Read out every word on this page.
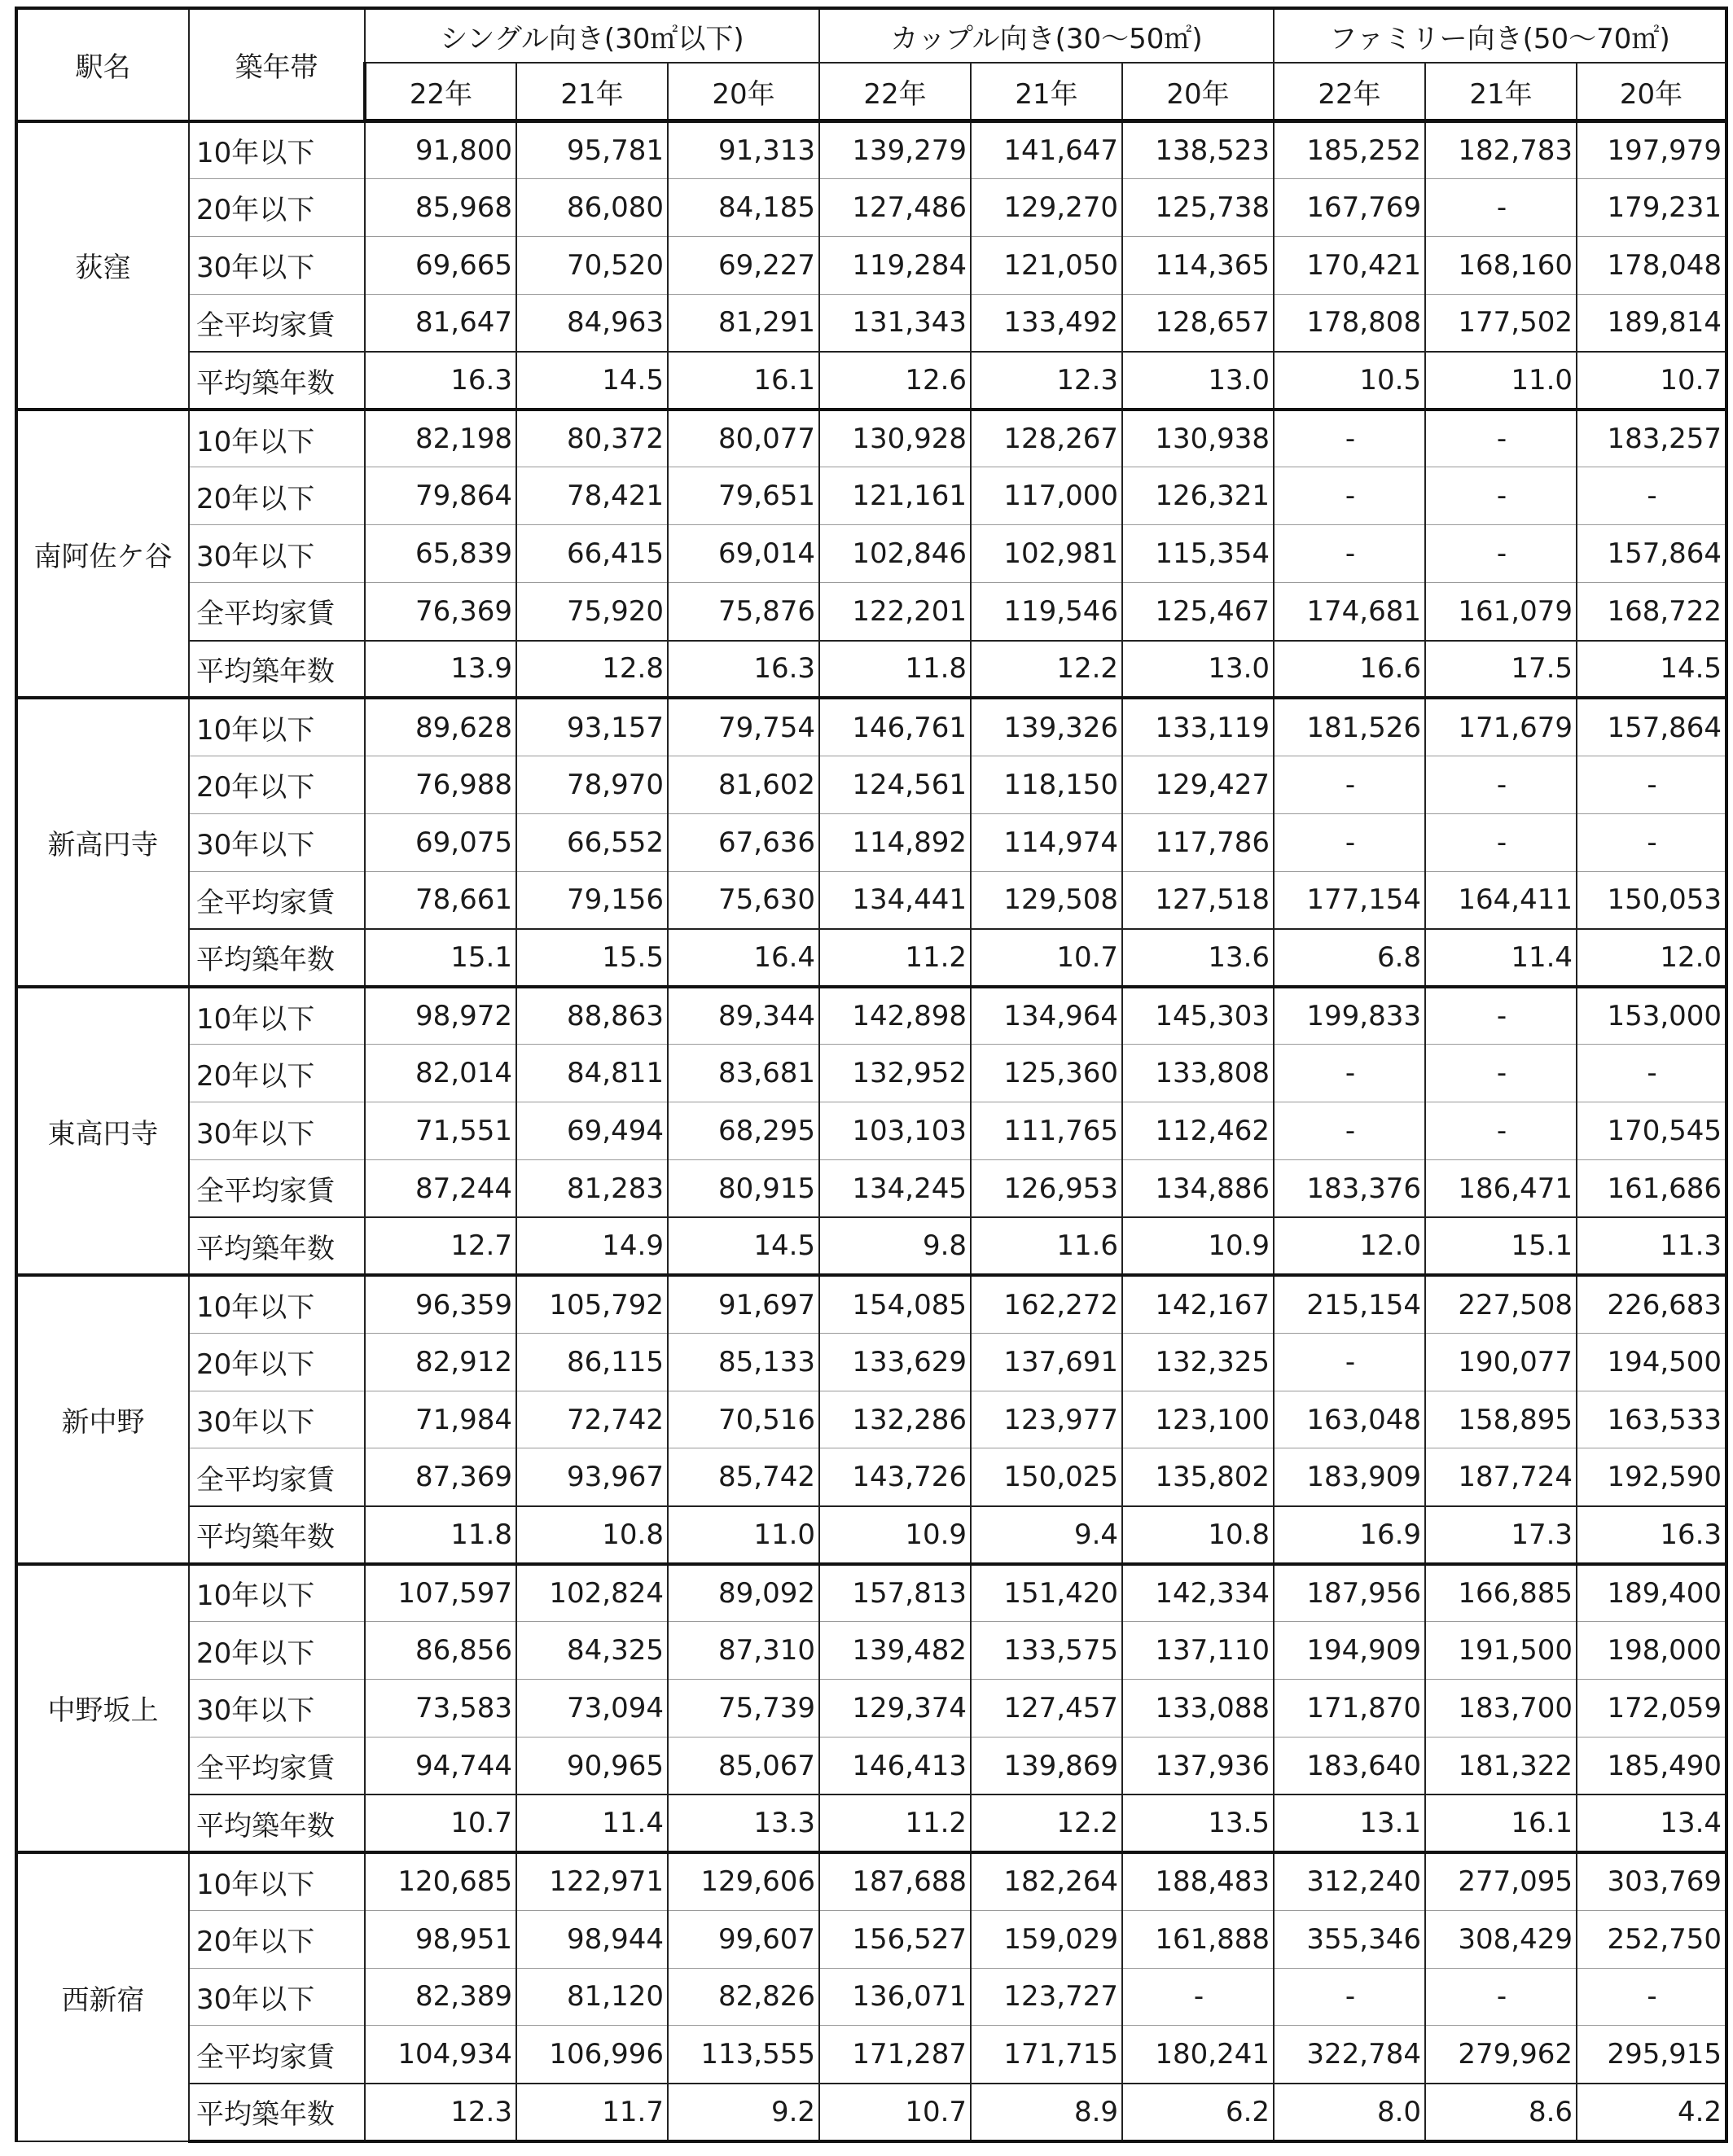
駅名	築年帯	シングル向き(30㎡以下)			カップル向き(30～50㎡)			ファミリー向き(50～70㎡)		
		22年	21年	20年	22年	21年	20年	22年	21年	20年
荻窪	10年以下	91,800	95,781	91,313	139,279	141,647	138,523	185,252	182,783	197,979
	20年以下	85,968	86,080	84,185	127,486	129,270	125,738	167,769	-	179,231
	30年以下	69,665	70,520	69,227	119,284	121,050	114,365	170,421	168,160	178,048
	全平均家賃	81,647	84,963	81,291	131,343	133,492	128,657	178,808	177,502	189,814
	平均築年数	16.3	14.5	16.1	12.6	12.3	13.0	10.5	11.0	10.7
南阿佐ケ谷	10年以下	82,198	80,372	80,077	130,928	128,267	130,938	-	-	183,257
	20年以下	79,864	78,421	79,651	121,161	117,000	126,321	-	-	-
	30年以下	65,839	66,415	69,014	102,846	102,981	115,354	-	-	157,864
	全平均家賃	76,369	75,920	75,876	122,201	119,546	125,467	174,681	161,079	168,722
	平均築年数	13.9	12.8	16.3	11.8	12.2	13.0	16.6	17.5	14.5
新高円寺	10年以下	89,628	93,157	79,754	146,761	139,326	133,119	181,526	171,679	157,864
	20年以下	76,988	78,970	81,602	124,561	118,150	129,427	-	-	-
	30年以下	69,075	66,552	67,636	114,892	114,974	117,786	-	-	-
	全平均家賃	78,661	79,156	75,630	134,441	129,508	127,518	177,154	164,411	150,053
	平均築年数	15.1	15.5	16.4	11.2	10.7	13.6	6.8	11.4	12.0
東高円寺	10年以下	98,972	88,863	89,344	142,898	134,964	145,303	199,833	-	153,000
	20年以下	82,014	84,811	83,681	132,952	125,360	133,808	-	-	-
	30年以下	71,551	69,494	68,295	103,103	111,765	112,462	-	-	170,545
	全平均家賃	87,244	81,283	80,915	134,245	126,953	134,886	183,376	186,471	161,686
	平均築年数	12.7	14.9	14.5	9.8	11.6	10.9	12.0	15.1	11.3
新中野	10年以下	96,359	105,792	91,697	154,085	162,272	142,167	215,154	227,508	226,683
	20年以下	82,912	86,115	85,133	133,629	137,691	132,325	-	190,077	194,500
	30年以下	71,984	72,742	70,516	132,286	123,977	123,100	163,048	158,895	163,533
	全平均家賃	87,369	93,967	85,742	143,726	150,025	135,802	183,909	187,724	192,590
	平均築年数	11.8	10.8	11.0	10.9	9.4	10.8	16.9	17.3	16.3
中野坂上	10年以下	107,597	102,824	89,092	157,813	151,420	142,334	187,956	166,885	189,400
	20年以下	86,856	84,325	87,310	139,482	133,575	137,110	194,909	191,500	198,000
	30年以下	73,583	73,094	75,739	129,374	127,457	133,088	171,870	183,700	172,059
	全平均家賃	94,744	90,965	85,067	146,413	139,869	137,936	183,640	181,322	185,490
	平均築年数	10.7	11.4	13.3	11.2	12.2	13.5	13.1	16.1	13.4
西新宿	10年以下	120,685	122,971	129,606	187,688	182,264	188,483	312,240	277,095	303,769
	20年以下	98,951	98,944	99,607	156,527	159,029	161,888	355,346	308,429	252,750
	30年以下	82,389	81,120	82,826	136,071	123,727	-	-	-	-
	全平均家賃	104,934	106,996	113,555	171,287	171,715	180,241	322,784	279,962	295,915
	平均築年数	12.3	11.7	9.2	10.7	8.9	6.2	8.0	8.6	4.2
